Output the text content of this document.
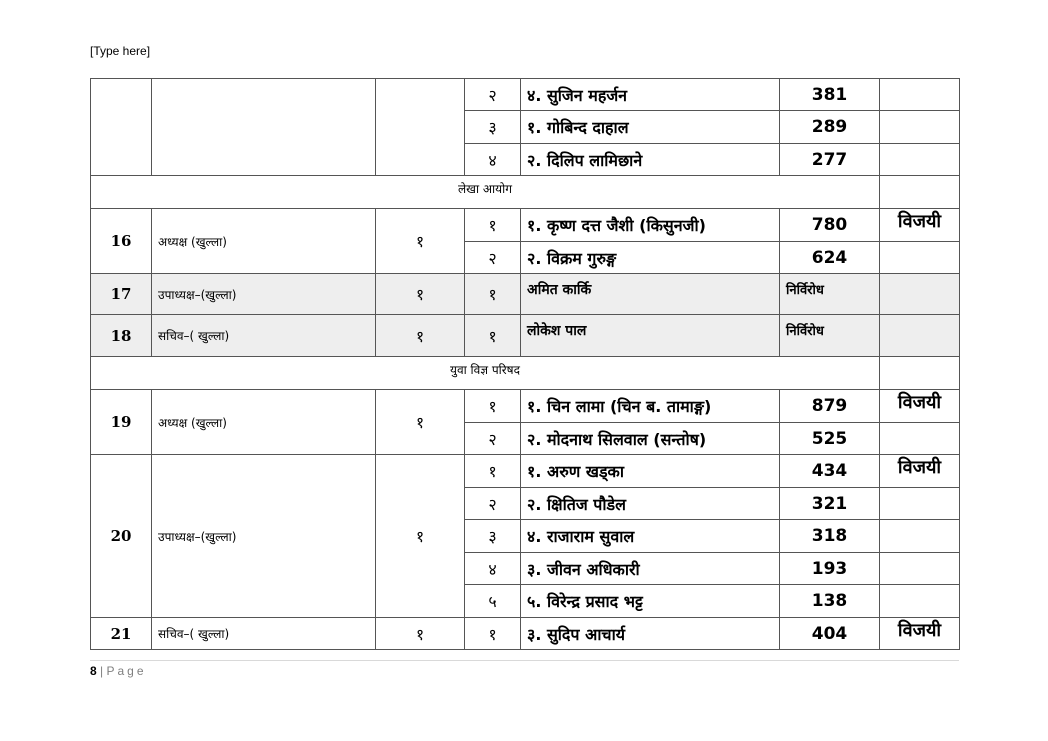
[Type here]
			२	४. सुजिन महर्जन	381	
			३	१. गोबिन्द दाहाल	289	
			४	२. दिलिप लामिछाने	277	
लेखा आयोग						
16	अध्यक्ष (खुल्ला)	१	१	१. कृष्ण दत्त जैशी (किसुनजी)	780	विजयी
			२	२. विक्रम गुरुङ्ग	624	
17	उपाध्यक्ष–(खुल्ला)	१	१	अमित कार्कि	निर्विरोध	
18	सचिव–( खुल्ला)	१	१	लोकेश पाल	निर्विरोध	
युवा विज्ञ परिषद						
19	अध्यक्ष (खुल्ला)	१	१	१. चिन लामा (चिन ब. तामाङ्ग)	879	विजयी
			२	२. मोदनाथ सिलवाल (सन्तोष)	525	
20	उपाध्यक्ष–(खुल्ला)	१	१	१. अरुण खड्का	434	विजयी
			२	२. क्षितिज पौडेल	321	
			३	४. राजाराम सुवाल	318	
			४	३. जीवन अधिकारी	193	
			५	५. विरेन्द्र प्रसाद भट्ट	138	
21	सचिव–( खुल्ला)	१	१	३. सुदिप आचार्य	404	विजयी
8 | Page
